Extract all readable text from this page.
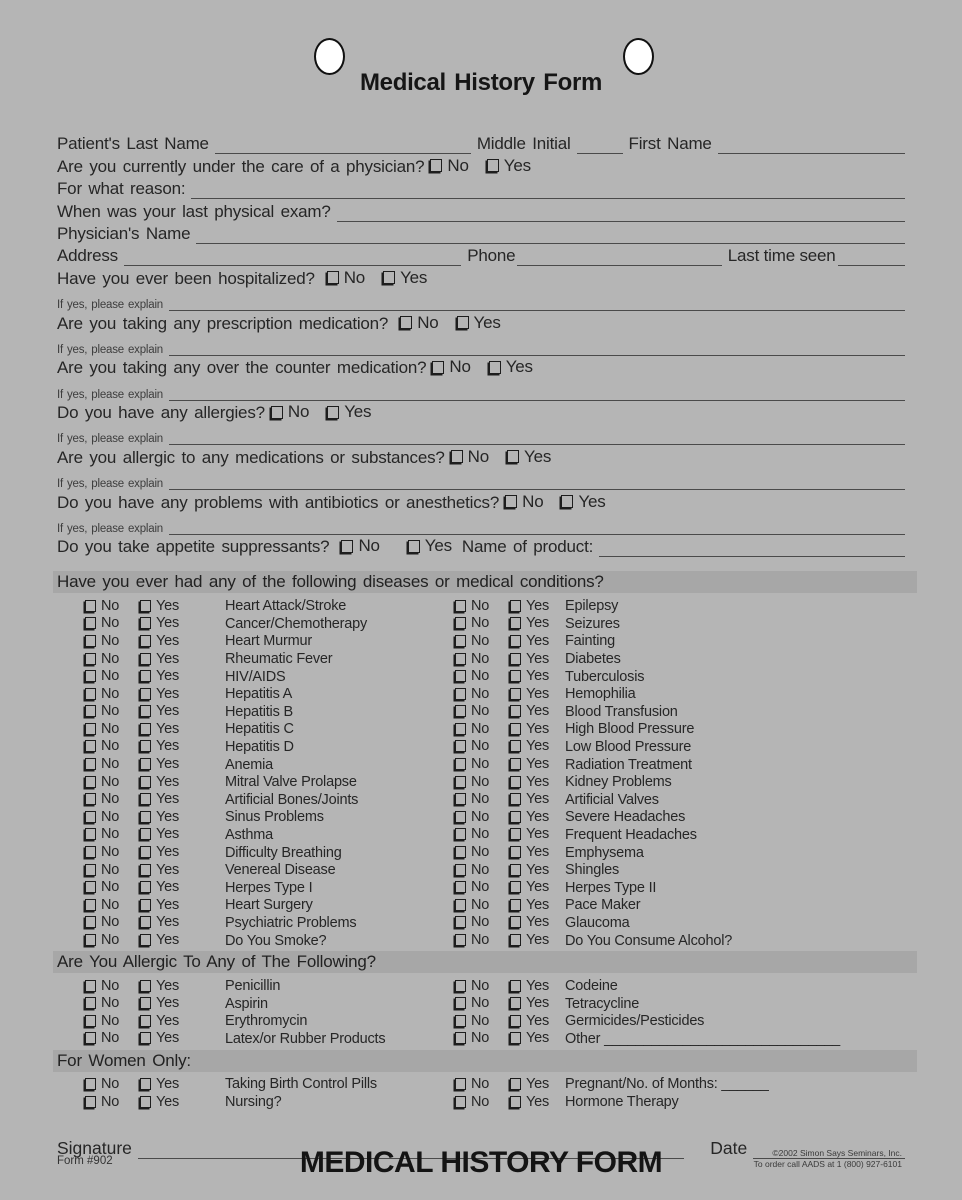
Medical History Form
Patient's Last Name	Middle Initial	First Name
Are you currently under the care of a physician? No Yes
For what reason:
When was your last physical exam?
Physician's Name
Address	Phone	Last time seen
Have you ever been hospitalized? No Yes
If yes, please explain
Are you taking any prescription medication? No Yes
If yes, please explain
Are you taking any over the counter medication? No Yes
If yes, please explain
Do you have any allergies? No Yes
If yes, please explain
Are you allergic to any medications or substances? No Yes
If yes, please explain
Do you have any problems with antibiotics or anesthetics? No Yes
If yes, please explain
Do you take appetite suppressants? No	Yes Name of product:
Have you ever had any of the following diseases or medical conditions?
No	Yes	Heart Attack/Stroke	No	Yes Epilepsy
No	Yes	Cancer/Chemotherapy	No	Yes Seizures
No	Yes	Heart Murmur	No	Yes Fainting
No	Yes	Rheumatic Fever	No	Yes Diabetes
No	Yes	HIV/AIDS	No	Yes Tuberculosis
No	Yes	Hepatitis A	No	Yes Hemophilia
No	Yes	Hepatitis B	No	Yes Blood Transfusion
No	Yes	Hepatitis C	No	Yes High Blood Pressure
No	Yes	Hepatitis D	No	Yes Low Blood Pressure
No	Yes	Anemia	No	Yes Radiation Treatment
No	Yes	Mitral Valve Prolapse	No	Yes Kidney Problems
No	Yes	Artificial Bones/Joints	No	Yes Artificial Valves
No	Yes	Sinus Problems	No	Yes Severe Headaches
No	Yes	Asthma	No	Yes Frequent Headaches
No	Yes	Difficulty Breathing	No	Yes Emphysema
No	Yes	Venereal Disease	No	Yes Shingles
No	Yes	Herpes Type I	No	Yes Herpes Type II
No	Yes	Heart Surgery	No	Yes Pace Maker
No	Yes	Psychiatric Problems	No	Yes Glaucoma
No	Yes	Do You Smoke?	No	Yes Do You Consume Alcohol?
Are You Allergic To Any of The Following?
No	Yes	Penicillin	No	Yes Codeine
No	Yes	Aspirin	No	Yes Tetracycline
No	Yes	Erythromycin	No	Yes Germicides/Pesticides
No	Yes	Latex/or Rubber Products	No	Yes Other ______________________________
For Women Only:
No	Yes	Taking Birth Control Pills	No	Yes Pregnant/No. of Months: ______
No	Yes	Nursing?	No	Yes Hormone Therapy
Signature	Date
Form #902	MEDICAL HISTORY FORM	©2002 Simon Says Seminars, Inc.
To order call AADS at 1 (800) 927-6101
